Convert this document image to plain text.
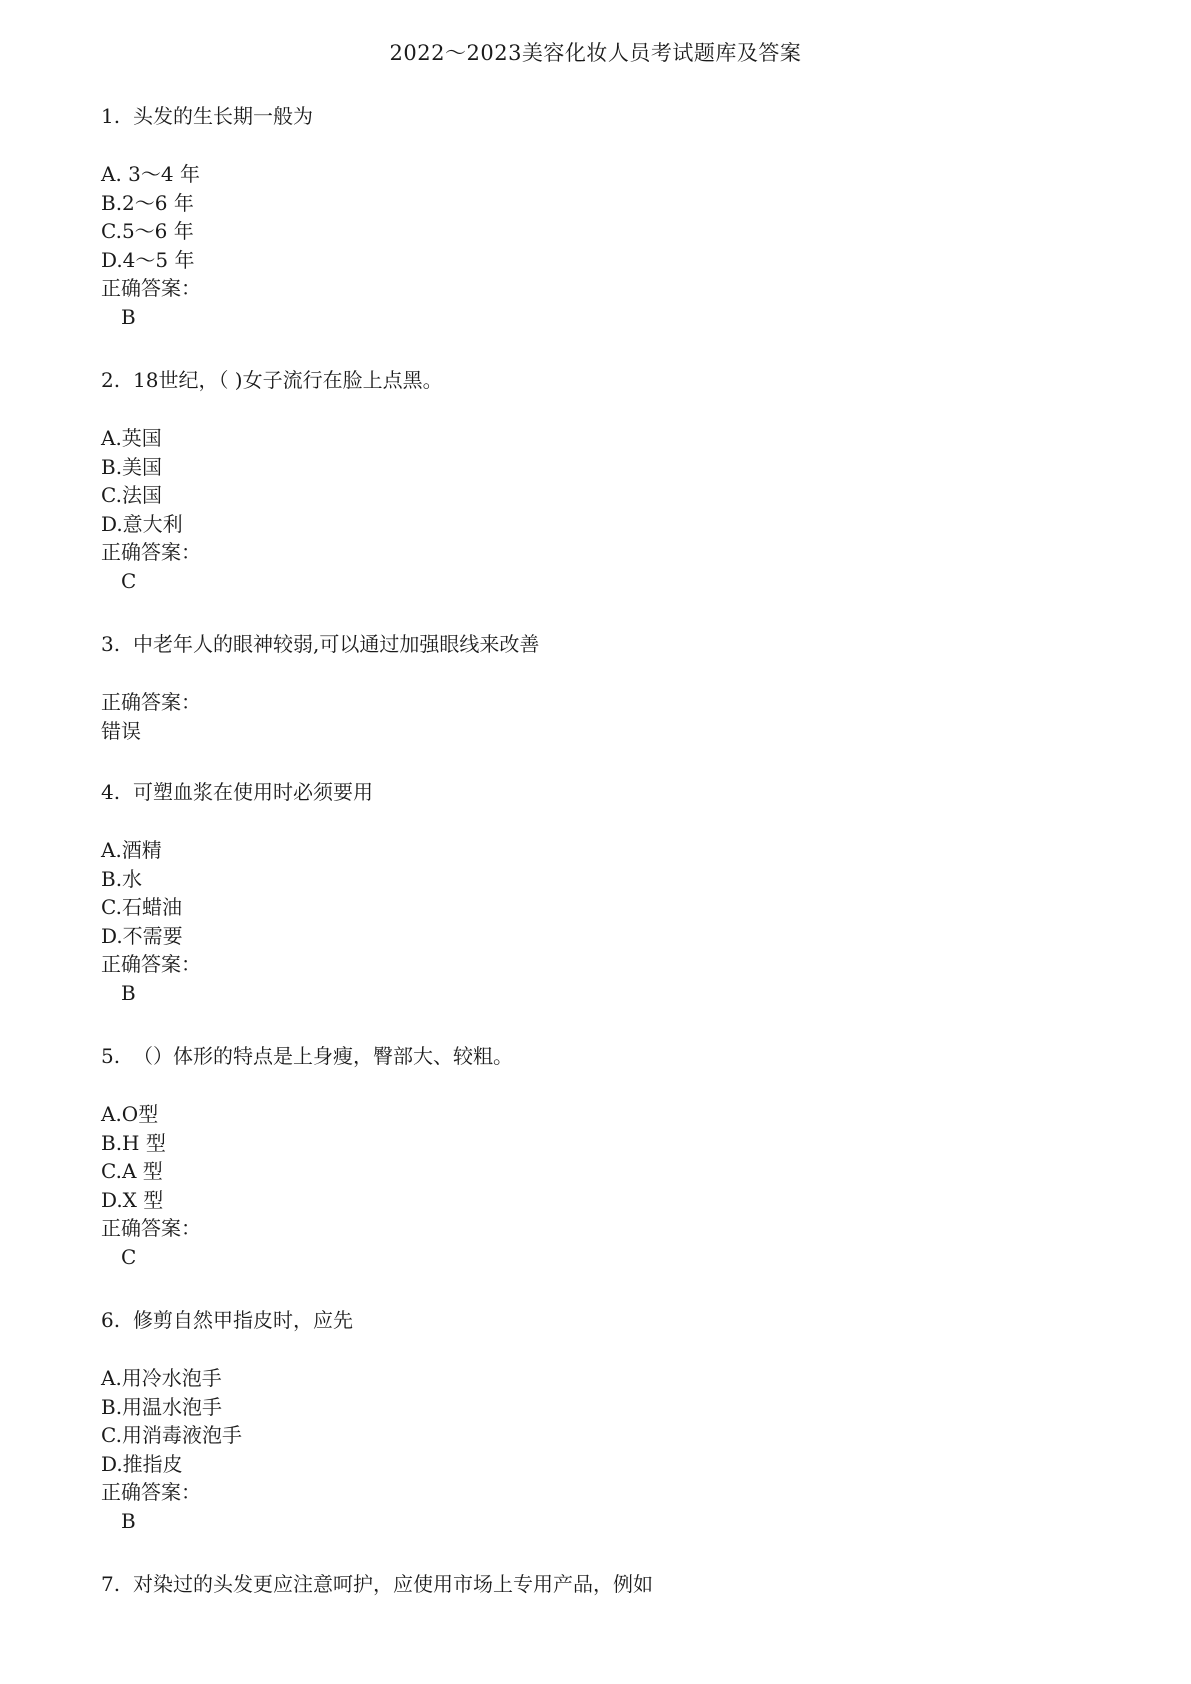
2022～2023美容化妆人员考试题库及答案
1. 头发的生长期一般为
A. 3～4 年
B.2～6 年
C.5～6 年
D.4～5 年
正确答案：
B
2. 18世纪，（ )女子流行在脸上点黑。
A.英国
B.美国
C.法国
D.意大利
正确答案：
C
3. 中老年人的眼神较弱,可以通过加强眼线来改善
正确答案：
错误
4. 可塑血浆在使用时必须要用
A.酒精
B.水
C.石蜡油
D.不需要
正确答案：
B
5. （）体形的特点是上身瘦，臀部大、较粗。
A.O型
B.H 型
C.A 型
D.X 型
正确答案：
C
6. 修剪自然甲指皮时，应先
A.用冷水泡手
B.用温水泡手
C.用消毒液泡手
D.推指皮
正确答案：
B
7. 对染过的头发更应注意呵护，应使用市场上专用产品，例如
